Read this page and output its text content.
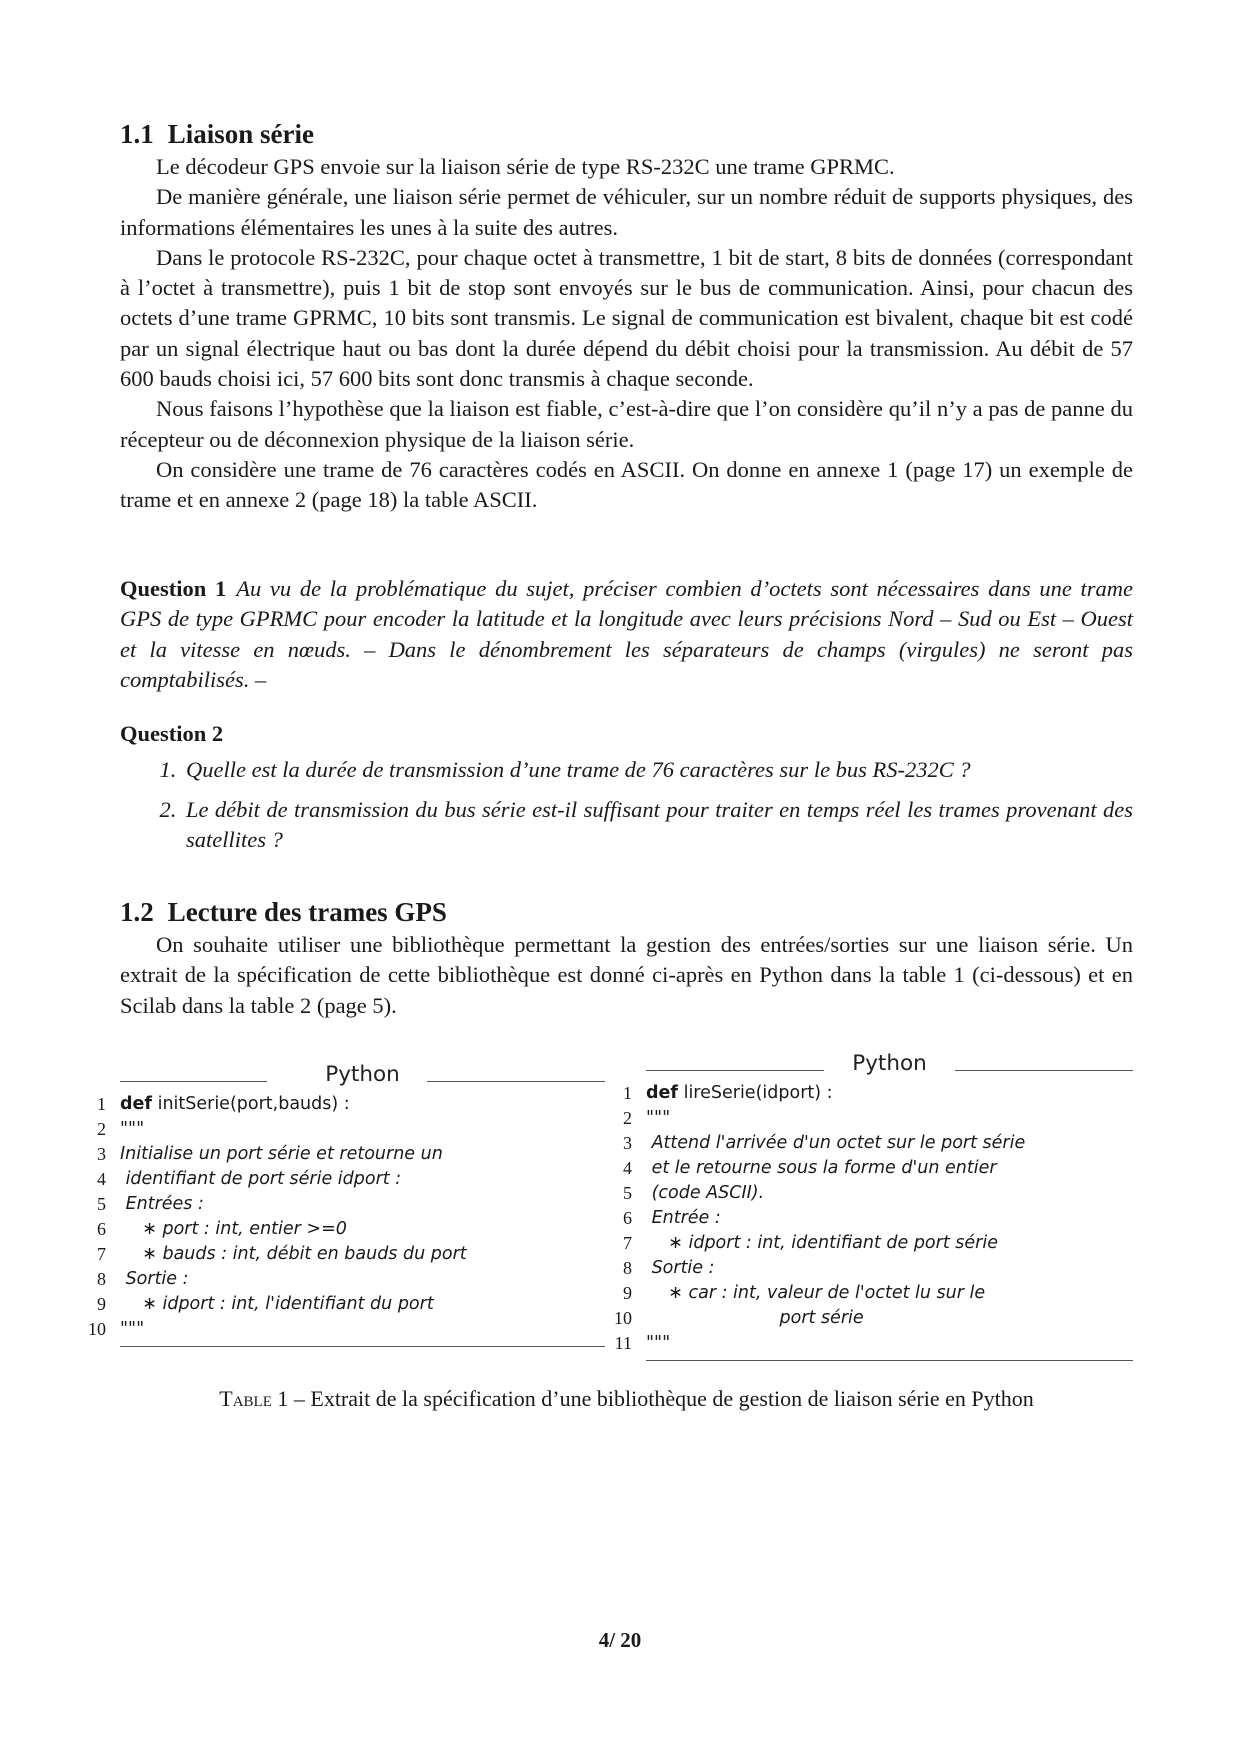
1.1 Liaison série

Le décodeur GPS envoie sur la liaison série de type RS-232C une trame GPRMC.

De manière générale, une liaison série permet de véhiculer, sur un nombre réduit de supports physiques, des informations élémentaires les unes à la suite des autres.

Dans le protocole RS-232C, pour chaque octet à transmettre, 1 bit de start, 8 bits de données (correspondant à l’octet à transmettre), puis 1 bit de stop sont envoyés sur le bus de communication. Ainsi, pour chacun des octets d’une trame GPRMC, 10 bits sont transmis. Le signal de communication est bivalent, chaque bit est codé par un signal électrique haut ou bas dont la durée dépend du débit choisi pour la transmission. Au débit de 57 600 bauds choisi ici, 57 600 bits sont donc transmis à chaque seconde.

Nous faisons l’hypothèse que la liaison est fiable, c’est-à-dire que l’on considère qu’il n’y a pas de panne du récepteur ou de déconnexion physique de la liaison série.

On considère une trame de 76 caractères codés en ASCII. On donne en annexe 1 (page 17) un exemple de trame et en annexe 2 (page 18) la table ASCII.

Question 1 Au vu de la problématique du sujet, préciser combien d’octets sont nécessaires dans une trame GPS de type GPRMC pour encoder la latitude et la longitude avec leurs précisions Nord – Sud ou Est – Ouest et la vitesse en nœuds. – Dans le dénombrement les séparateurs de champs (virgules) ne seront pas comptabilisés. –
Question 2
1. Quelle est la durée de transmission d’une trame de 76 caractères sur le bus RS-232C ?
2. Le débit de transmission du bus série est-il suffisant pour traiter en temps réel les trames provenant des satellites ?
1.2 Lecture des trames GPS

On souhaite utiliser une bibliothèque permettant la gestion des entrées/sorties sur une liaison série. Un extrait de la spécification de cette bibliothèque est donné ci-après en Python dans la table 1 (ci-dessous) et en Scilab dans la table 2 (page 5).

Python
1 def initSerie(port,bauds) :
2 """
3 Initialise un port série et retourne un
4 identifiant de port série idport :
5 Entrées :
6 ∗ port : int, entier >=0
7 ∗ bauds : int, débit en bauds du port
8 Sortie :
9 ∗ idport : int, l'identifiant du port
10 """
Python
1 def lireSerie(idport) :
2 """
3 Attend l'arrivée d'un octet sur le port série
4 et le retourne sous la forme d'un entier
5 (code ASCII).
6 Entrée :
7 ∗ idport : int, identifiant de port série
8 Sortie :
9 ∗ car : int, valeur de l'octet lu sur le
10 port série
11 """
Table 1 – Extrait de la spécification d’une bibliothèque de gestion de liaison série en Python
4/ 20
